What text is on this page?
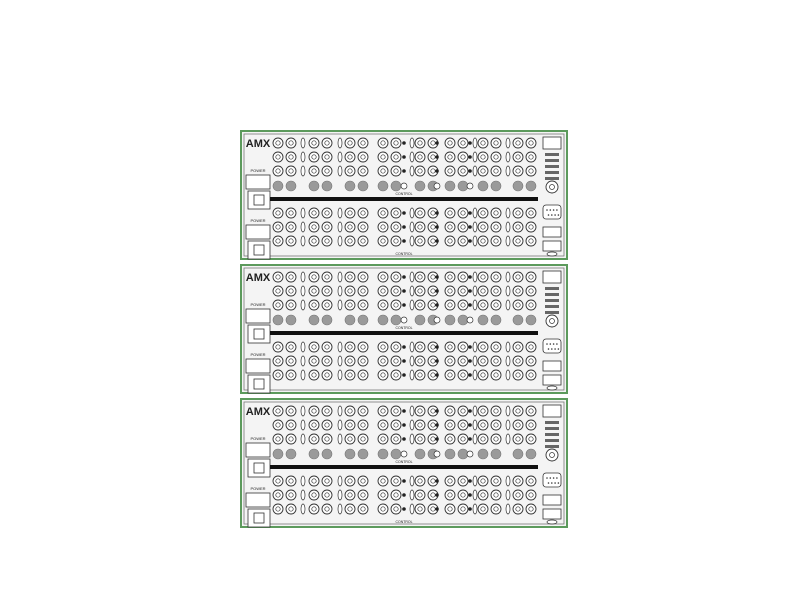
AMX
POWER
POWER
CONTROL
CONTROL
AMX
POWER
POWER
CONTROL
AMX
POWER
POWER
CONTROL
CONTROL
